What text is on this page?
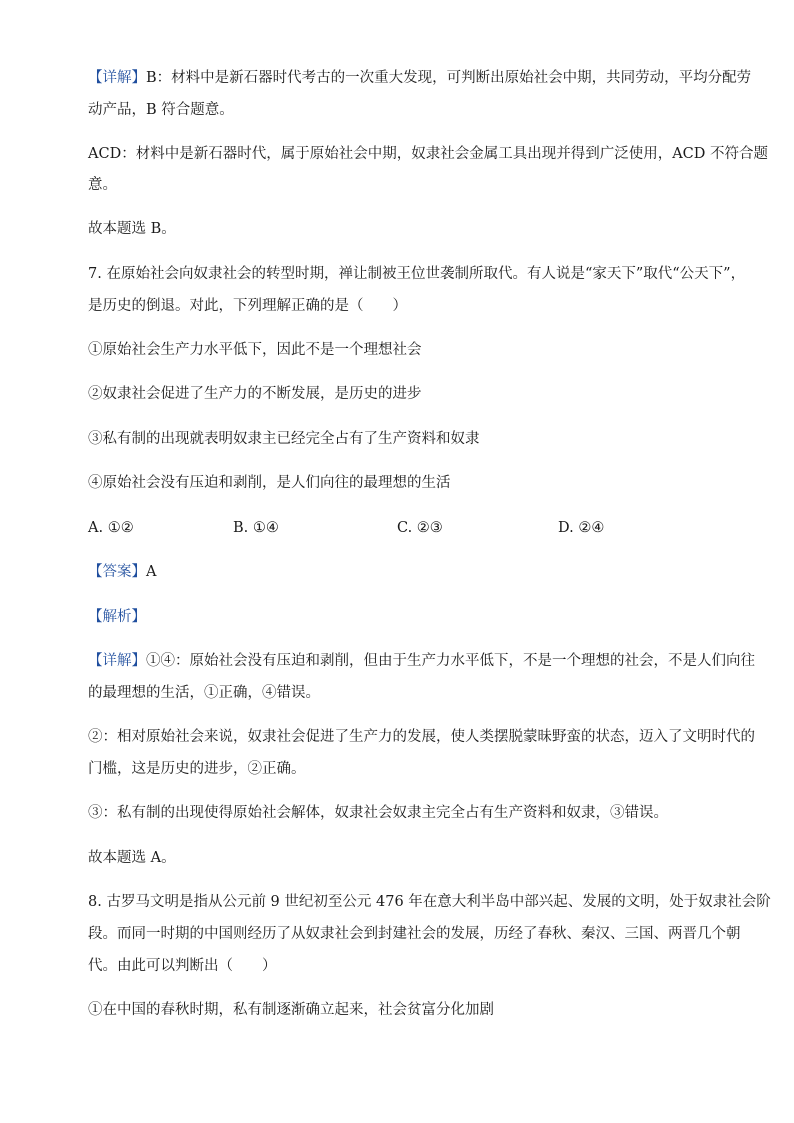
【详解】B：材料中是新石器时代考古的一次重大发现，可判断出原始社会中期，共同劳动，平均分配劳
动产品，B 符合题意。
ACD：材料中是新石器时代，属于原始社会中期，奴隶社会金属工具出现并得到广泛使用，ACD 不符合题
意。
故本题选 B。
7. 在原始社会向奴隶社会的转型时期，禅让制被王位世袭制所取代。有人说是“家天下”取代“公天下”，
是历史的倒退。对此，下列理解正确的是（　　）
①原始社会生产力水平低下，因此不是一个理想社会
②奴隶社会促进了生产力的不断发展，是历史的进步
③私有制的出现就表明奴隶主已经完全占有了生产资料和奴隶
④原始社会没有压迫和剥削，是人们向往的最理想的生活
A. ①②	B. ①④	C. ②③	D. ②④
【答案】A
【解析】
【详解】①④：原始社会没有压迫和剥削，但由于生产力水平低下，不是一个理想的社会，不是人们向往
的最理想的生活，①正确，④错误。
②：相对原始社会来说，奴隶社会促进了生产力的发展，使人类摆脱蒙昧野蛮的状态，迈入了文明时代的
门槛，这是历史的进步，②正确。
③：私有制的出现使得原始社会解体，奴隶社会奴隶主完全占有生产资料和奴隶，③错误。
故本题选 A。
8. 古罗马文明是指从公元前 9 世纪初至公元 476 年在意大利半岛中部兴起、发展的文明，处于奴隶社会阶
段。而同一时期的中国则经历了从奴隶社会到封建社会的发展，历经了春秋、秦汉、三国、两晋几个朝
代。由此可以判断出（　　）
①在中国的春秋时期，私有制逐渐确立起来，社会贫富分化加剧
